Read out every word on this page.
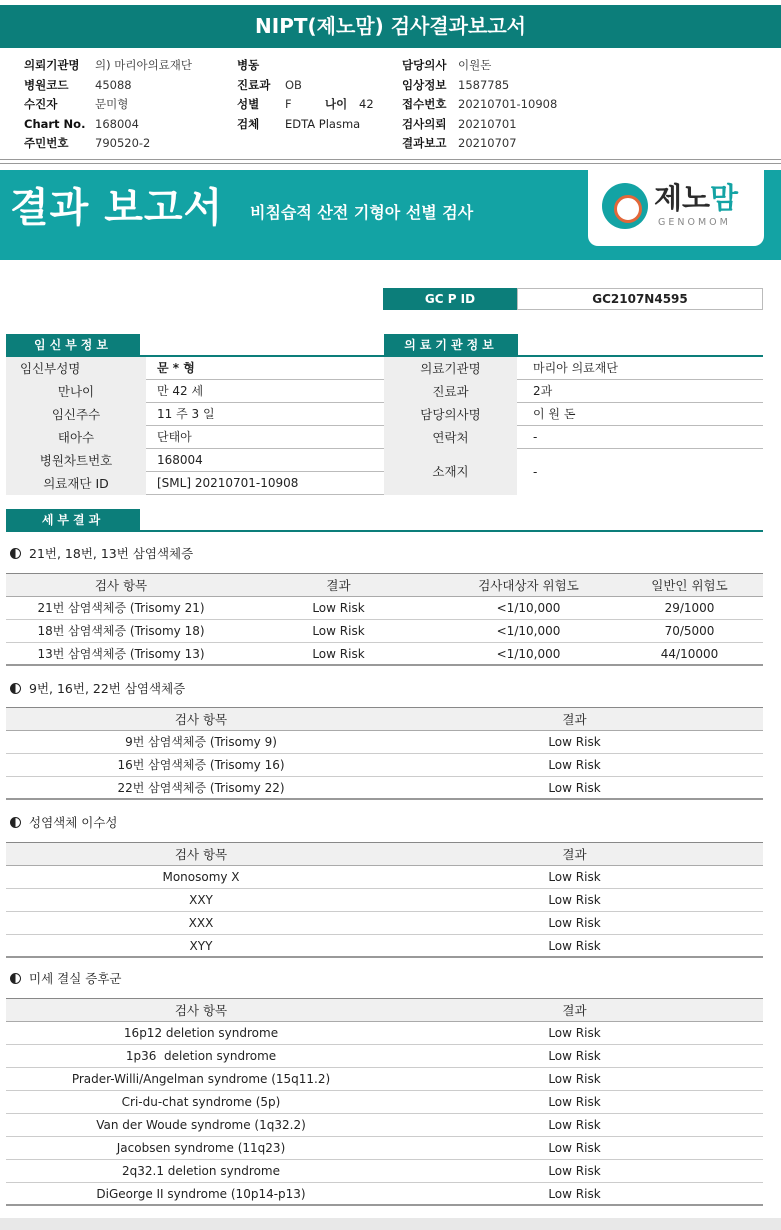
NIPT(제노맘) 검사결과보고서
의뢰기관명 의) 마리아의료재단
병원코드 45088
수진자	문미형
Chart No. 168004
주민번호 790520-2
병동
진료과 OB
성별 F	나이 42
검체 EDTA Plasma
담당의사 이원돈
임상정보 1587785
접수번호 20210701-10908
검사의뢰 20210701
결과보고 20210707
결과 보고서 비침습적 산전 기형아 선별 검사	제노맘
GENOMOM
GC P ID	GC2107N4595
임신부정보
임신부성명	문 * 형
만나이	만 42 세
임신주수	11 주 3 일
태아수	단태아
병원차트번호	168004
의료재단 ID	[SML] 20210701-10908
의료기관정보
의료기관명	마리아 의료재단
진료과	2과
담당의사명	이 원 돈
연락처	-
소재지	-
세부결과
21번, 18번, 13번 삼염색체증
검사 항목	결과	검사대상자 위험도	일반인 위험도
21번 삼염색체증 (Trisomy 21)	Low Risk	<1/10,000	29/1000
18번 삼염색체증 (Trisomy 18)	Low Risk	<1/10,000	70/5000
13번 삼염색체증 (Trisomy 13)	Low Risk	<1/10,000	44/10000
9번, 16번, 22번 삼염색체증
검사 항목	결과
9번 삼염색체증 (Trisomy 9)	Low Risk
16번 삼염색체증 (Trisomy 16)	Low Risk
22번 삼염색체증 (Trisomy 22)	Low Risk
성염색체 이수성
검사 항목	결과
Monosomy X	Low Risk
XXY	Low Risk
XXX	Low Risk
XYY	Low Risk
미세 결실 증후군
검사 항목	결과
16p12 deletion syndrome	Low Risk
1p36  deletion syndrome	Low Risk
Prader-Willi/Angelman syndrome (15q11.2)	Low Risk
Cri-du-chat syndrome (5p)	Low Risk
Van der Woude syndrome (1q32.2)	Low Risk
Jacobsen syndrome (11q23)	Low Risk
2q32.1 deletion syndrome	Low Risk
DiGeorge II syndrome (10p14-p13)	Low Risk
